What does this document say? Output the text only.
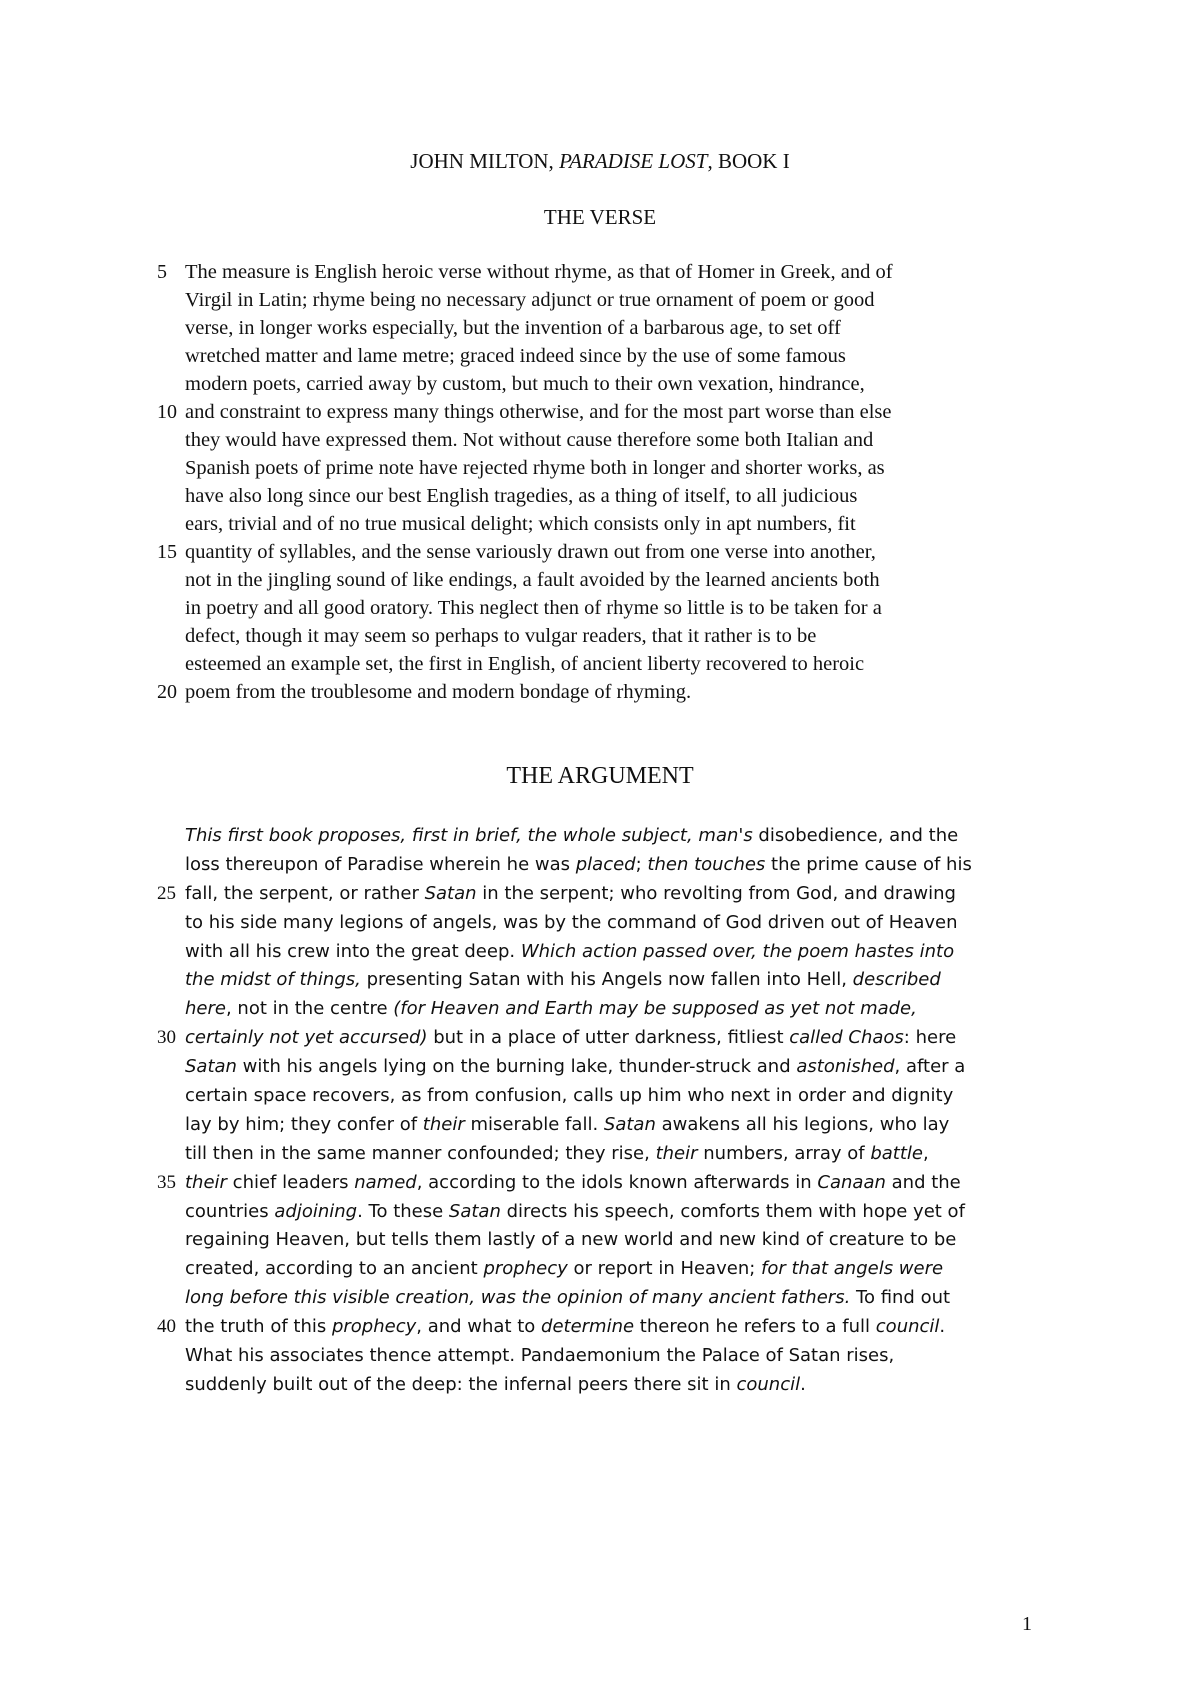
JOHN MILTON, PARADISE LOST, BOOK I
THE VERSE
5 The measure is English heroic verse without rhyme, as that of Homer in Greek, and of
Virgil in Latin; rhyme being no necessary adjunct or true ornament of poem or good
verse, in longer works especially, but the invention of a barbarous age, to set off
wretched matter and lame metre; graced indeed since by the use of some famous
modern poets, carried away by custom, but much to their own vexation, hindrance,
10 and constraint to express many things otherwise, and for the most part worse than else
they would have expressed them. Not without cause therefore some both Italian and
Spanish poets of prime note have rejected rhyme both in longer and shorter works, as
have also long since our best English tragedies, as a thing of itself, to all judicious
ears, trivial and of no true musical delight; which consists only in apt numbers, fit
15 quantity of syllables, and the sense variously drawn out from one verse into another,
not in the jingling sound of like endings, a fault avoided by the learned ancients both
in poetry and all good oratory. This neglect then of rhyme so little is to be taken for a
defect, though it may seem so perhaps to vulgar readers, that it rather is to be
esteemed an example set, the first in English, of ancient liberty recovered to heroic
20 poem from the troublesome and modern bondage of rhyming.
THE ARGUMENT
This first book proposes, first in brief, the whole subject, man's disobedience, and the
loss thereupon of Paradise wherein he was placed; then touches the prime cause of his
25 fall, the serpent, or rather Satan in the serpent; who revolting from God, and drawing
to his side many legions of angels, was by the command of God driven out of Heaven
with all his crew into the great deep. Which action passed over, the poem hastes into
the midst of things, presenting Satan with his Angels now fallen into Hell, described
here, not in the centre (for Heaven and Earth may be supposed as yet not made,
30 certainly not yet accursed) but in a place of utter darkness, fitliest called Chaos: here
Satan with his angels lying on the burning lake, thunder-struck and astonished, after a
certain space recovers, as from confusion, calls up him who next in order and dignity
lay by him; they confer of their miserable fall. Satan awakens all his legions, who lay
till then in the same manner confounded; they rise, their numbers, array of battle,
35 their chief leaders named, according to the idols known afterwards in Canaan and the
countries adjoining. To these Satan directs his speech, comforts them with hope yet of
regaining Heaven, but tells them lastly of a new world and new kind of creature to be
created, according to an ancient prophecy or report in Heaven; for that angels were
long before this visible creation, was the opinion of many ancient fathers. To find out
40 the truth of this prophecy, and what to determine thereon he refers to a full council.
What his associates thence attempt. Pandaemonium the Palace of Satan rises,
suddenly built out of the deep: the infernal peers there sit in council.
1
